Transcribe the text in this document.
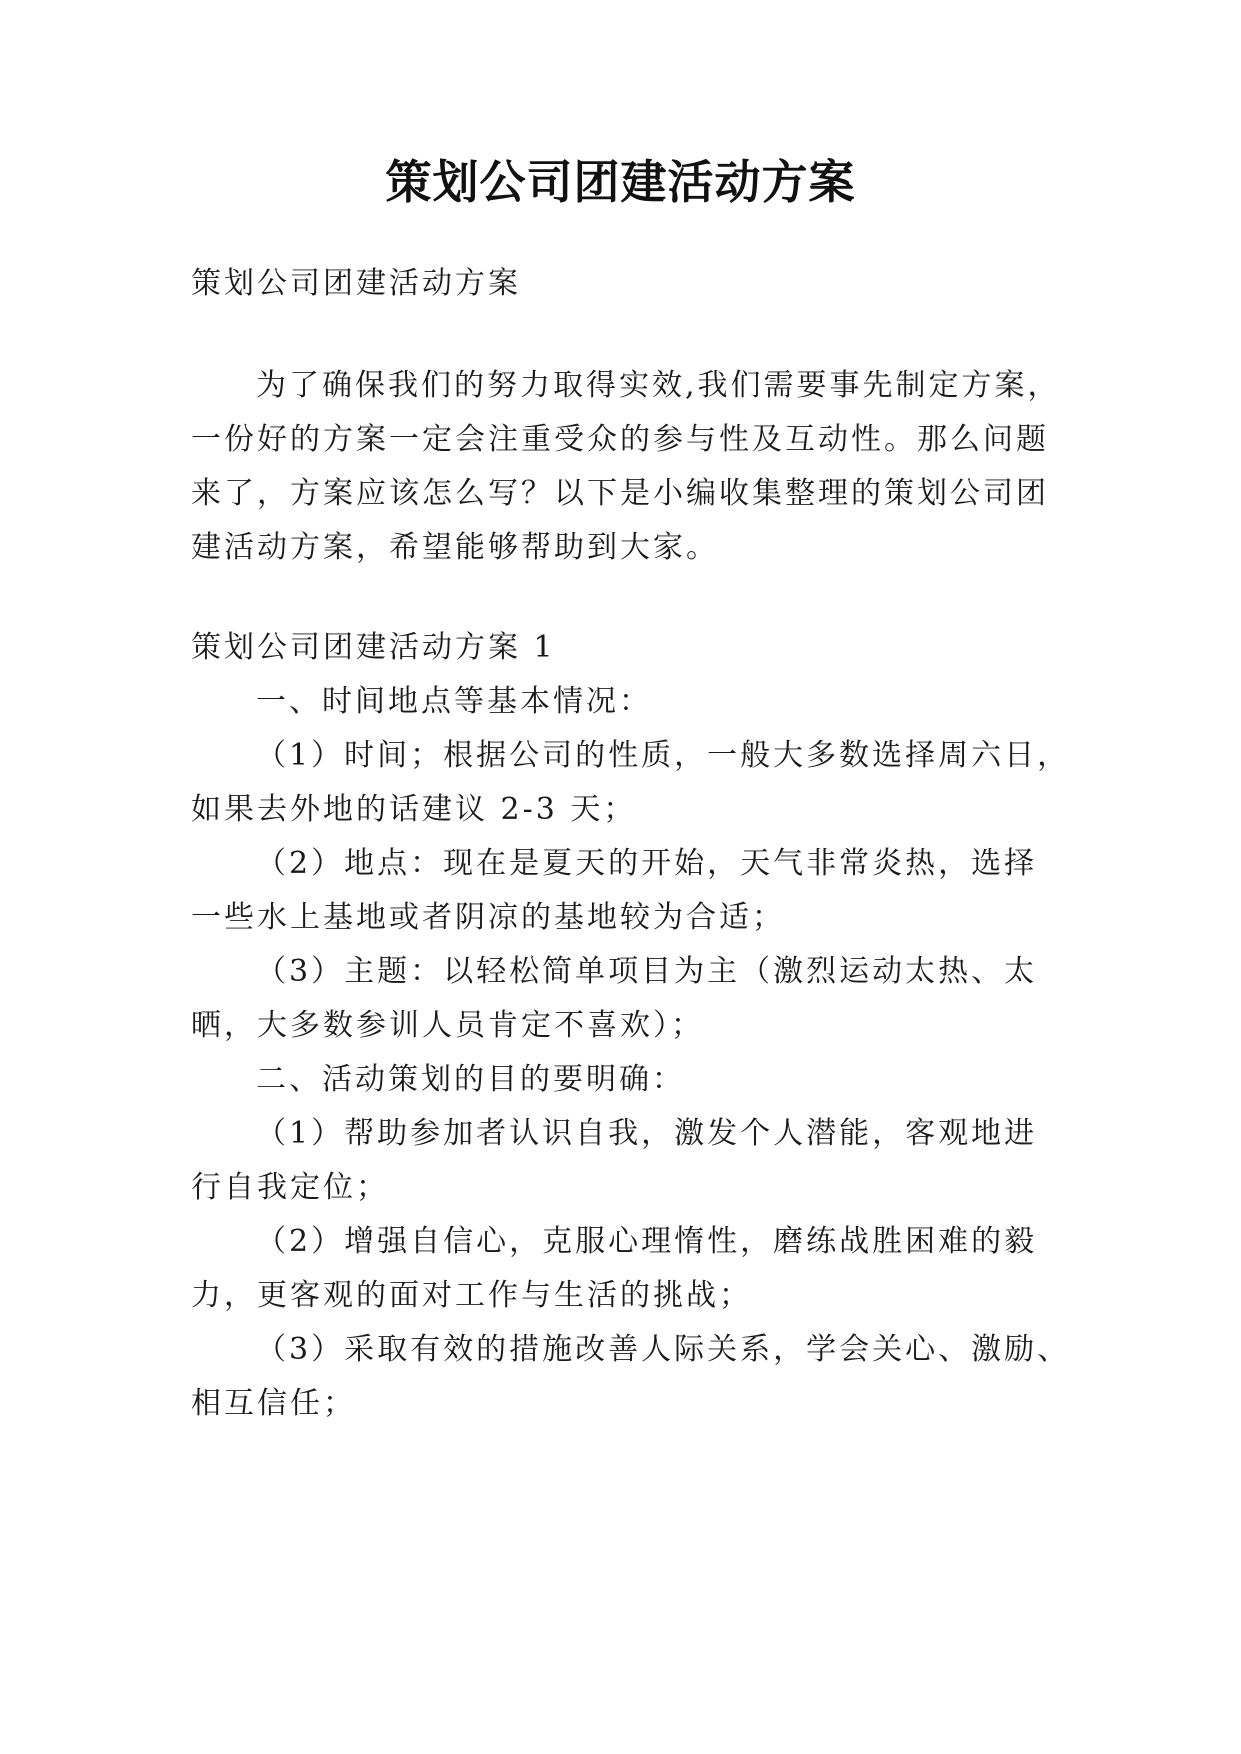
策划公司团建活动方案
策划公司团建活动方案
为了确保我们的努力取得实效,我们需要事先制定方案，
一份好的方案一定会注重受众的参与性及互动性。那么问题
来了，方案应该怎么写？以下是小编收集整理的策划公司团
建活动方案，希望能够帮助到大家。
策划公司团建活动方案 1
一、时间地点等基本情况：
（1）时间；根据公司的性质，一般大多数选择周六日，
如果去外地的话建议 2-3 天；
（2）地点：现在是夏天的开始，天气非常炎热，选择
一些水上基地或者阴凉的基地较为合适；
（3）主题：以轻松简单项目为主（激烈运动太热、太
晒，大多数参训人员肯定不喜欢）；
二、活动策划的目的要明确：
（1）帮助参加者认识自我，激发个人潜能，客观地进
行自我定位；
（2）增强自信心，克服心理惰性，磨练战胜困难的毅
力，更客观的面对工作与生活的挑战；
（3）采取有效的措施改善人际关系，学会关心、激励、
相互信任；
